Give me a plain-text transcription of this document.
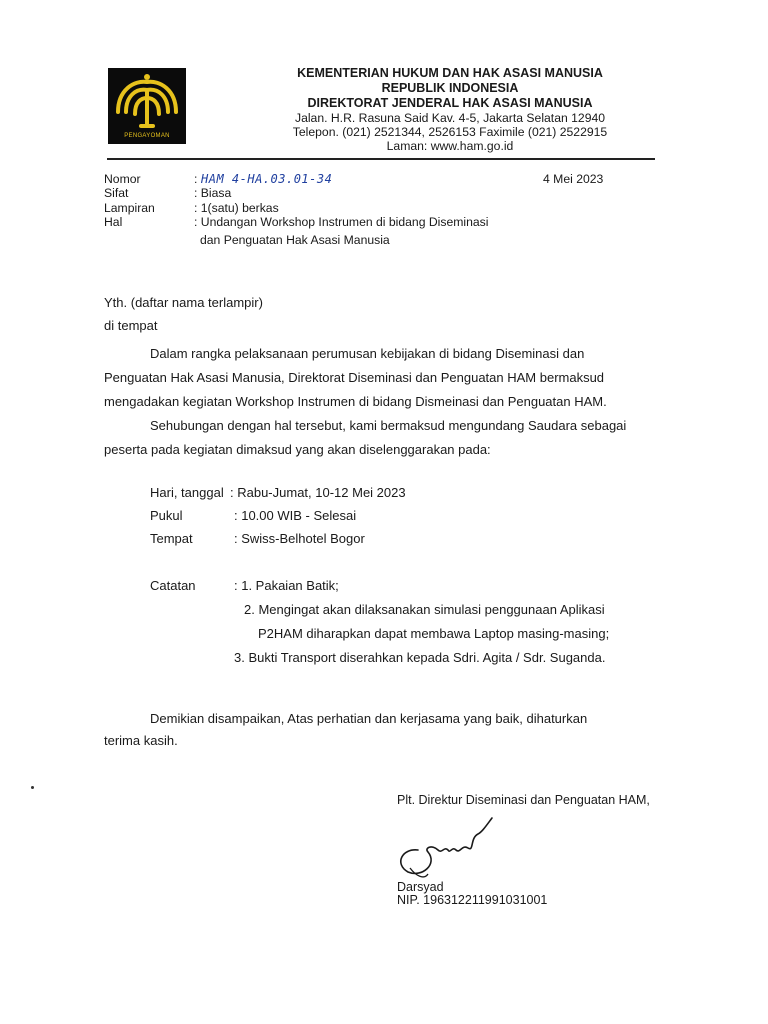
PENGAYOMAN
KEMENTERIAN HUKUM DAN HAK ASASI MANUSIA
REPUBLIK INDONESIA
DIREKTORAT JENDERAL HAK ASASI MANUSIA
Jalan. H.R. Rasuna Said Kav. 4-5, Jakarta Selatan 12940
Telepon. (021) 2521344, 2526153 Faximile (021) 2522915
Laman: www.ham.go.id
Nomor	: HAM 4-HA.03.01-34	4 Mei 2023
Sifat	: Biasa
Lampiran	: 1(satu) berkas
Hal	: Undangan Workshop Instrumen di bidang Diseminasi
dan Penguatan Hak Asasi Manusia
Yth. (daftar nama terlampir)
di tempat
Dalam rangka pelaksanaan perumusan kebijakan di bidang Diseminasi dan
Penguatan Hak Asasi Manusia, Direktorat Diseminasi dan Penguatan HAM bermaksud
mengadakan kegiatan Workshop Instrumen di bidang Dismeinasi dan Penguatan HAM.
Sehubungan dengan hal tersebut, kami bermaksud mengundang Saudara sebagai
peserta pada kegiatan dimaksud yang akan diselenggarakan pada:
Hari, tanggal : Rabu-Jumat, 10-12 Mei 2023
Pukul	: 10.00 WIB - Selesai
Tempat	: Swiss-Belhotel Bogor
Catatan	: 1. Pakaian Batik;
2. Mengingat akan dilaksanakan simulasi penggunaan Aplikasi
P2HAM diharapkan dapat membawa Laptop masing-masing;
3. Bukti Transport diserahkan kepada Sdri. Agita / Sdr. Suganda.
Demikian disampaikan, Atas perhatian dan kerjasama yang baik, dihaturkan
terima kasih.
Plt. Direktur Diseminasi dan Penguatan HAM,
Darsyad
NIP. 196312211991031001
